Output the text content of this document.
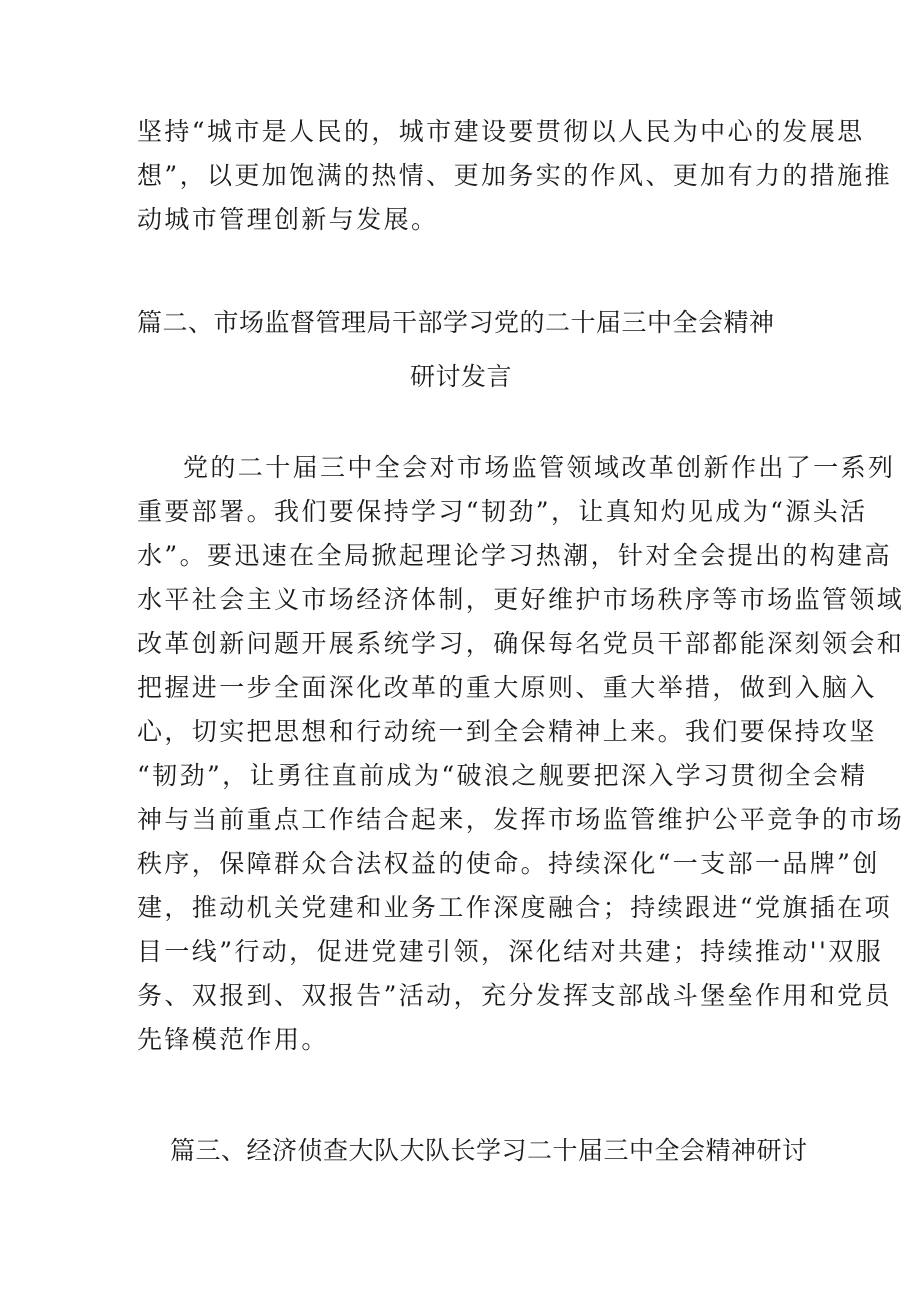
坚持“城市是人民的，城市建设要贯彻以人民为中心的发展思
想”，以更加饱满的热情、更加务实的作风、更加有力的措施推
动城市管理创新与发展。
篇二、市场监督管理局干部学习党的二十届三中全会精神
研讨发言
党的二十届三中全会对市场监管领域改革创新作出了一系列
重要部署。我们要保持学习“韧劲”，让真知灼见成为“源头活
水”。要迅速在全局掀起理论学习热潮，针对全会提出的构建高
水平社会主义市场经济体制，更好维护市场秩序等市场监管领域
改革创新问题开展系统学习，确保每名党员干部都能深刻领会和
把握进一步全面深化改革的重大原则、重大举措，做到入脑入
心，切实把思想和行动统一到全会精神上来。我们要保持攻坚
“韧劲”，让勇往直前成为“破浪之舰要把深入学习贯彻全会精
神与当前重点工作结合起来，发挥市场监管维护公平竞争的市场
秩序，保障群众合法权益的使命。持续深化“一支部一品牌”创
建，推动机关党建和业务工作深度融合；持续跟进“党旗插在项
目一线”行动，促进党建引领，深化结对共建；持续推动''双服
务、双报到、双报告”活动，充分发挥支部战斗堡垒作用和党员
先锋模范作用。
篇三、经济侦查大队大队长学习二十届三中全会精神研讨
